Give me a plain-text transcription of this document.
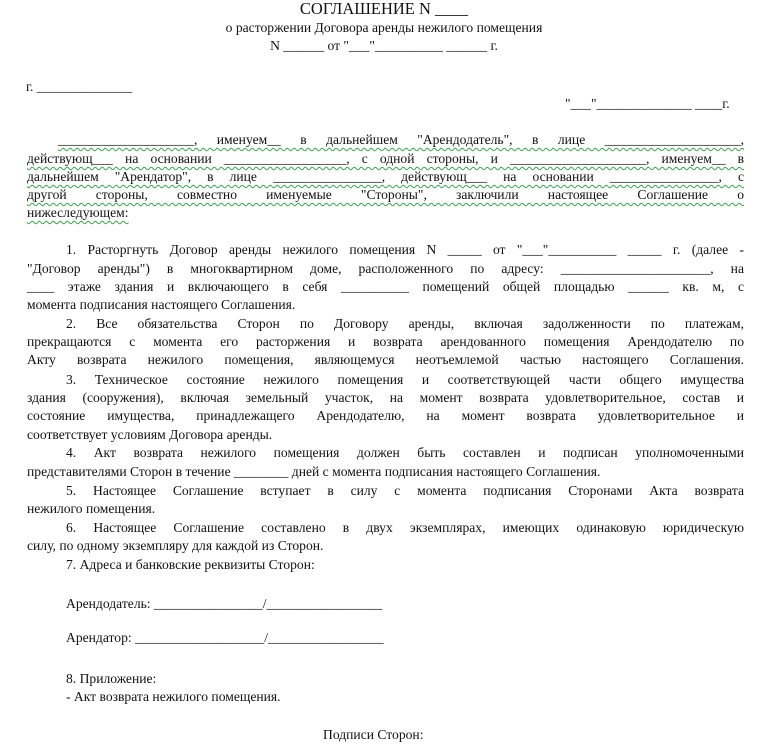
СОГЛАШЕНИЕ N ____
о расторжении Договора аренды нежилого помещения
N ______ от "___"__________ ______ г.
г. ______________
"___"______________ ____г.
____________________, именуем__ в дальнейшем "Арендодатель", в лице ____________________,
действующ___ на основании __________________, с одной стороны, и ____________________, именуем__ в
дальнейшем "Арендатор", в лице ________________, действующ___ на основании ________________, с
другой стороны, совместно именуемые "Стороны", заключили настоящее Соглашение о
нижеследующем:
1. Расторгнуть Договор аренды нежилого помещения N _____ от "___"__________ _____ г. (далее -
"Договор аренды") в многоквартирном доме, расположенного по адресу: ______________________, на
____ этаже здания и включающего в себя __________ помещений общей площадью ______ кв. м, с
момента подписания настоящего Соглашения.
2. Все обязательства Сторон по Договору аренды, включая задолженности по платежам,
прекращаются с момента его расторжения и возврата арендованного помещения Арендодателю по
Акту возврата нежилого помещения, являющемуся неотъемлемой частью настоящего Соглашения.
3. Техническое состояние нежилого помещения и соответствующей части общего имущества
здания (сооружения), включая земельный участок, на момент возврата удовлетворительное, состав и
состояние имущества, принадлежащего Арендодателю, на момент возврата удовлетворительное и
соответствует условиям Договора аренды.
4. Акт возврата нежилого помещения должен быть составлен и подписан уполномоченными
представителями Сторон в течение ________ дней с момента подписания настоящего Соглашения.
5. Настоящее Соглашение вступает в силу с момента подписания Сторонами Акта возврата
нежилого помещения.
6. Настоящее Соглашение составлено в двух экземплярах, имеющих одинаковую юридическую
силу, по одному экземпляру для каждой из Сторон.
7. Адреса и банковские реквизиты Сторон:
Арендодатель: ________________/_________________
Арендатор: ___________________/_________________
8. Приложение:
- Акт возврата нежилого помещения.
Подписи Сторон:
